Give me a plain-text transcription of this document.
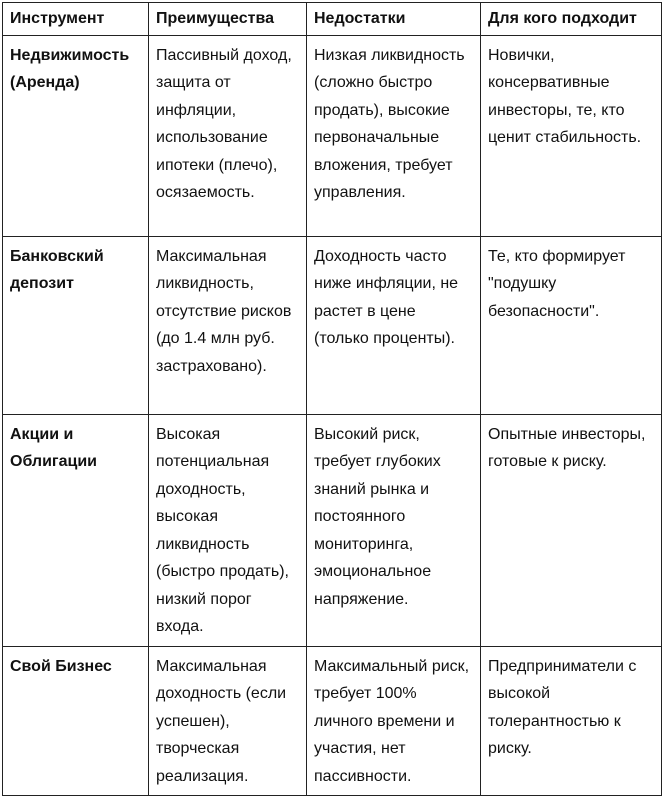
Инструмент	Преимущества	Недостатки	Для кого подходит
Недвижимость (Аренда)	Пассивный доход, защита от инфляции, использование ипотеки (плечо), осязаемость.	Низкая ликвидность (сложно быстро продать), высокие первоначальные вложения, требует управления.	Новички, консервативные инвесторы, те, кто ценит стабильность.
Банковский депозит	Максимальная ликвидность, отсутствие рисков (до 1.4 млн руб. застраховано).	Доходность часто ниже инфляции, не растет в цене (только проценты).	Те, кто формирует "подушку безопасности".
Акции и Облигации	Высокая потенциальная доходность, высокая ликвидность (быстро продать), низкий порог входа.	Высокий риск, требует глубоких знаний рынка и постоянного мониторинга, эмоциональное напряжение.	Опытные инвесторы, готовые к риску.
Свой Бизнес	Максимальная доходность (если успешен), творческая реализация.	Максимальный риск, требует 100% личного времени и участия, нет пассивности.	Предприниматели с высокой толерантностью к риску.
